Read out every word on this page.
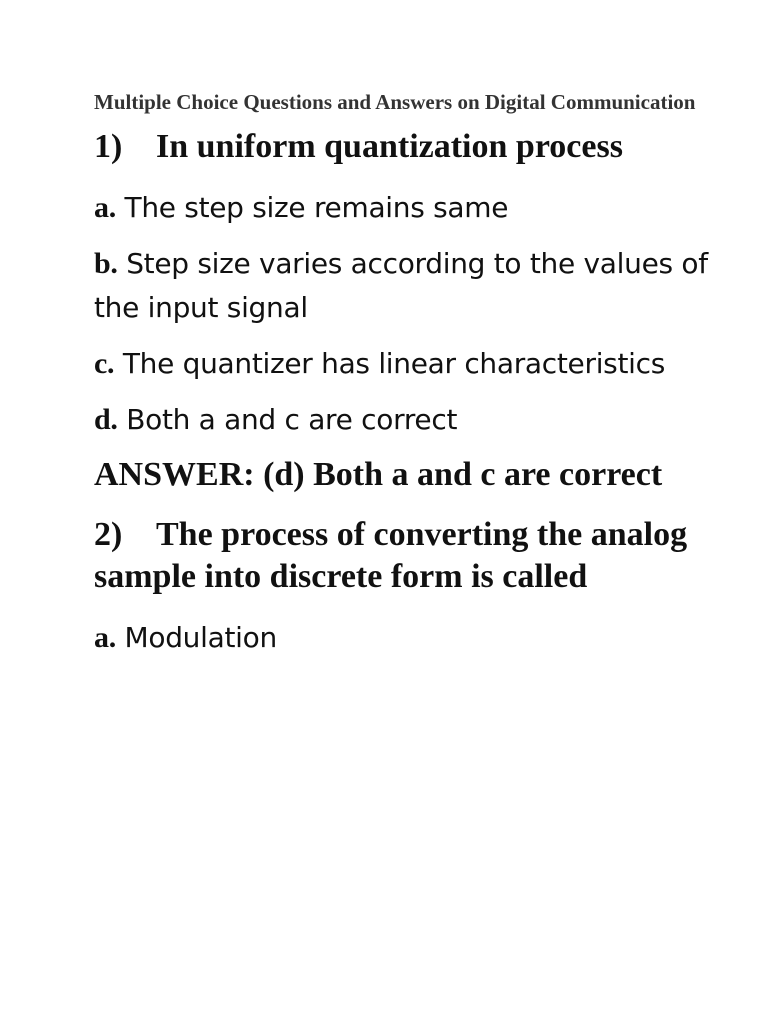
Multiple Choice Questions and Answers on Digital Communication
1) In uniform quantization process
a. The step size remains same
b. Step size varies according to the values of the input signal
c. The quantizer has linear characteristics
d. Both a and c are correct
ANSWER: (d) Both a and c are correct
2) The process of converting the analog sample into discrete form is called
a. Modulation
